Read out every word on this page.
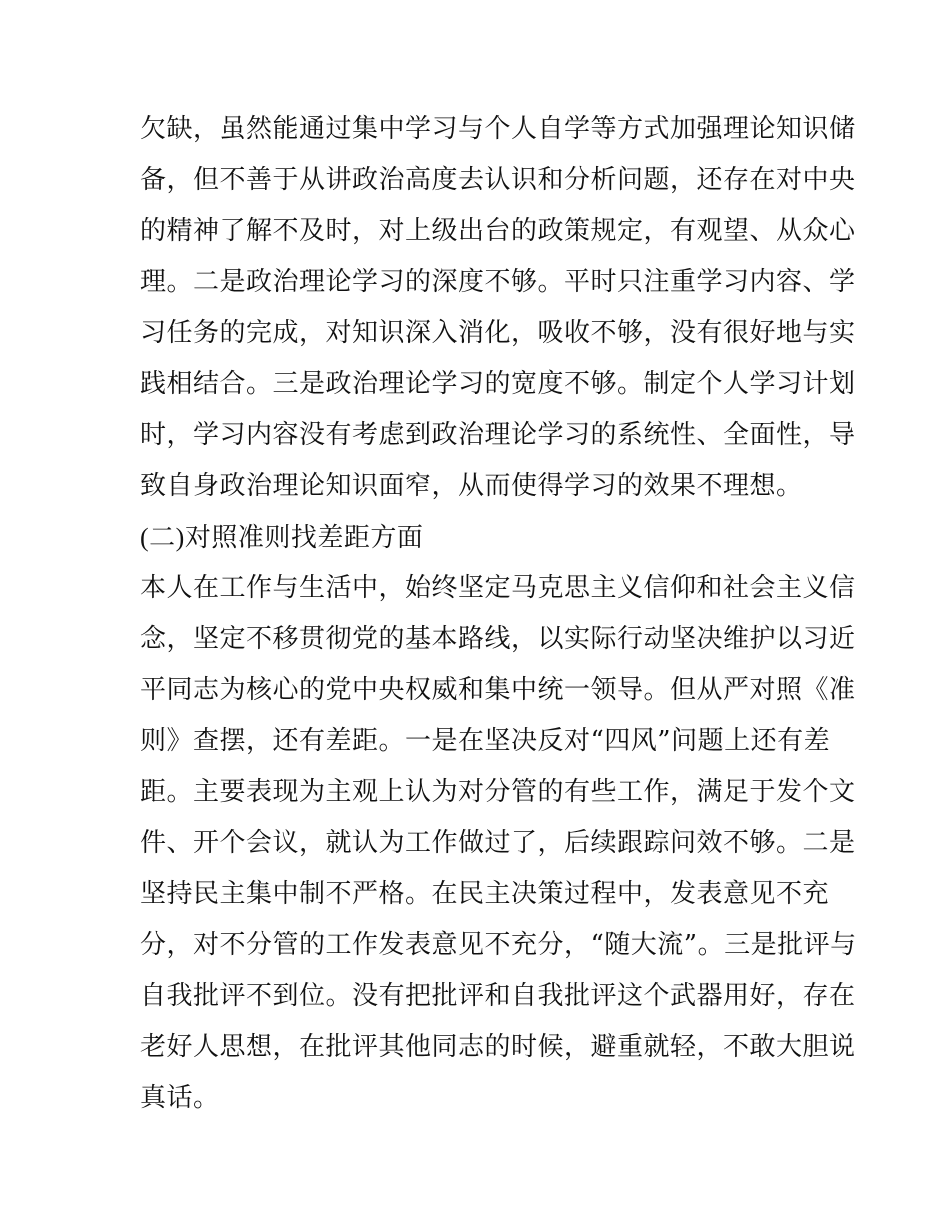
欠缺，虽然能通过集中学习与个人自学等方式加强理论知识储
备，但不善于从讲政治高度去认识和分析问题，还存在对中央
的精神了解不及时，对上级出台的政策规定，有观望、从众心
理。二是政治理论学习的深度不够。平时只注重学习内容、学
习任务的完成，对知识深入消化，吸收不够，没有很好地与实
践相结合。三是政治理论学习的宽度不够。制定个人学习计划
时，学习内容没有考虑到政治理论学习的系统性、全面性，导
致自身政治理论知识面窄，从而使得学习的效果不理想。
(二)对照准则找差距方面
本人在工作与生活中，始终坚定马克思主义信仰和社会主义信
念，坚定不移贯彻党的基本路线，以实际行动坚决维护以习近
平同志为核心的党中央权威和集中统一领导。但从严对照《准
则》查摆，还有差距。一是在坚决反对“四风”问题上还有差
距。主要表现为主观上认为对分管的有些工作，满足于发个文
件、开个会议，就认为工作做过了，后续跟踪问效不够。二是
坚持民主集中制不严格。在民主决策过程中，发表意见不充
分，对不分管的工作发表意见不充分，“随大流”。三是批评与
自我批评不到位。没有把批评和自我批评这个武器用好，存在
老好人思想，在批评其他同志的时候，避重就轻，不敢大胆说
真话。
